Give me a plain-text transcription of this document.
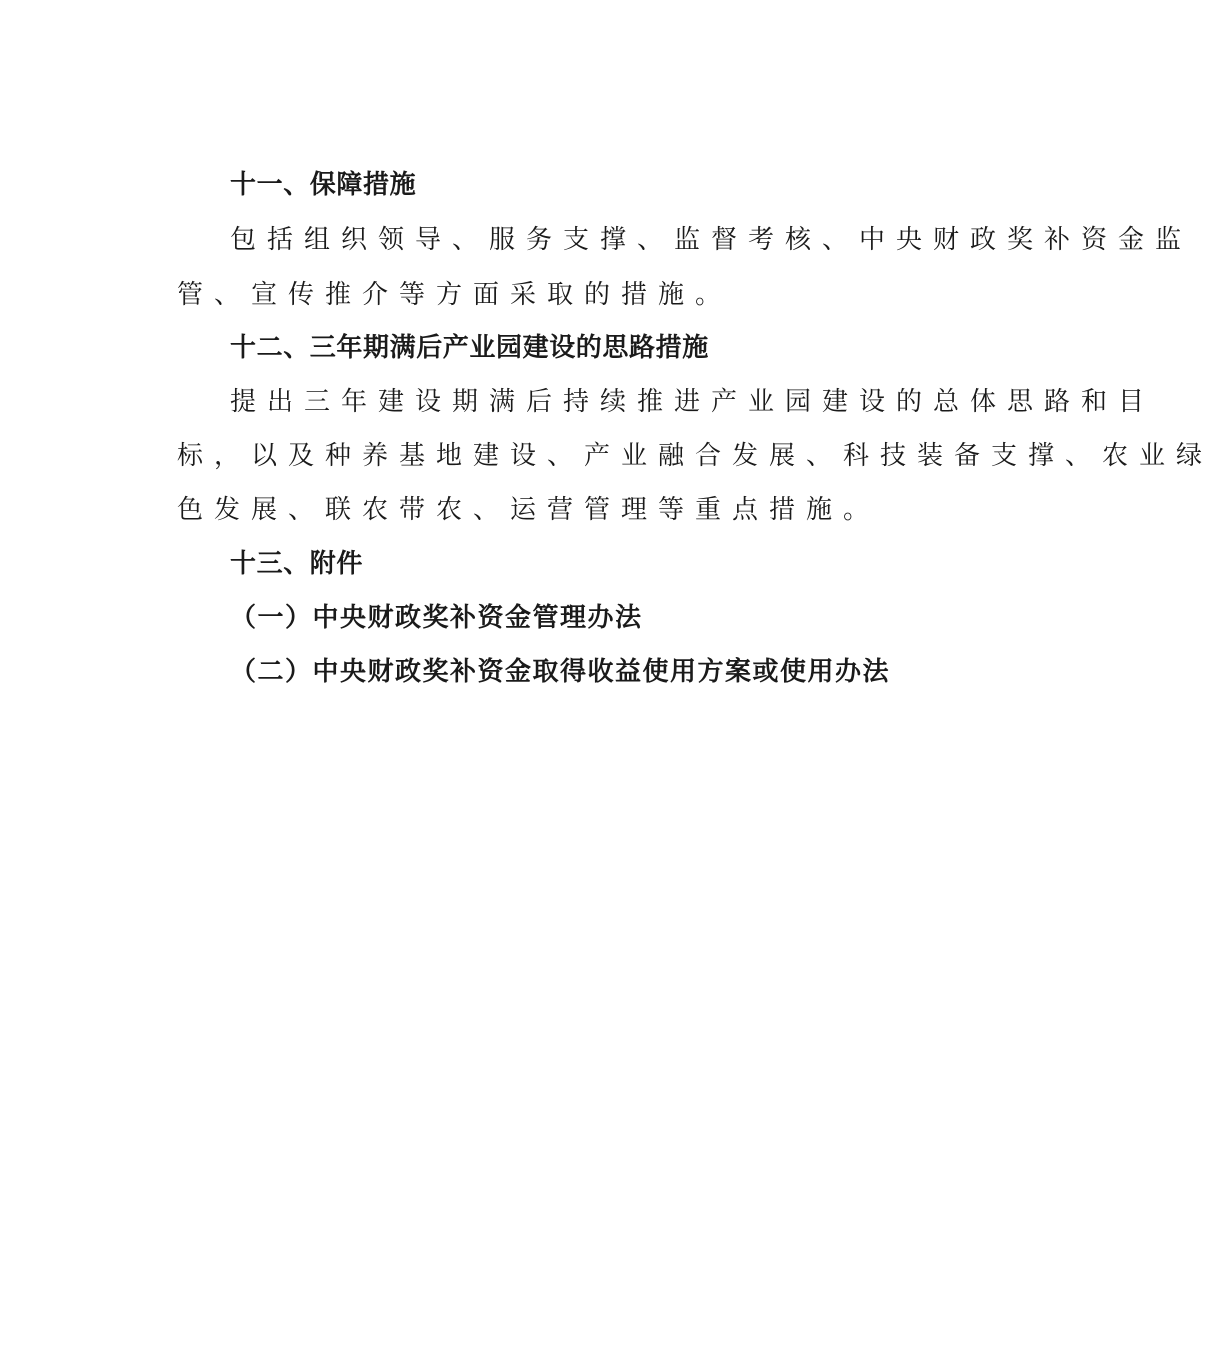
十一、保障措施
包括组织领导、服务支撑、监督考核、中央财政奖补资金监
管、宣传推介等方面采取的措施。
十二、三年期满后产业园建设的思路措施
提出三年建设期满后持续推进产业园建设的总体思路和目
标，以及种养基地建设、产业融合发展、科技装备支撑、农业绿
色发展、联农带农、运营管理等重点措施。
十三、附件
（一）中央财政奖补资金管理办法
（二）中央财政奖补资金取得收益使用方案或使用办法
